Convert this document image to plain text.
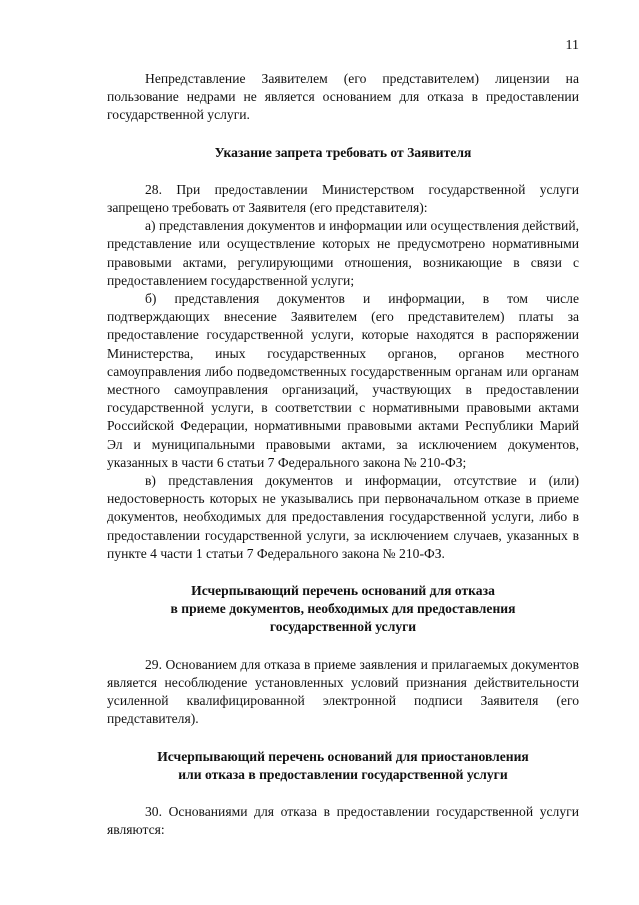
11

Непредставление Заявителем (его представителем) лицензии на пользование недрами не является основанием для отказа в предоставлении государственной услуги.

Указание запрета требовать от Заявителя

28. При предоставлении Министерством государственной услуги запрещено требовать от Заявителя (его представителя):

а) представления документов и информации или осуществления действий, представление или осуществление которых не предусмотрено нормативными правовыми актами, регулирующими отношения, возникающие в связи с предоставлением государственной услуги;

б) представления документов и информации, в том числе подтверждающих внесение Заявителем (его представителем) платы за предоставление государственной услуги, которые находятся в распоряжении Министерства, иных государственных органов, органов местного самоуправления либо подведомственных государственным органам или органам местного самоуправления организаций, участвующих в предоставлении государственной услуги, в соответствии с нормативными правовыми актами Российской Федерации, нормативными правовыми актами Республики Марий Эл и муниципальными правовыми актами, за исключением документов, указанных в части 6 статьи 7 Федерального закона № 210-ФЗ;

в) представления документов и информации, отсутствие и (или) недостоверность которых не указывались при первоначальном отказе в приеме документов, необходимых для предоставления государственной услуги, либо в предоставлении государственной услуги, за исключением случаев, указанных в пункте 4 части 1 статьи 7 Федерального закона № 210-ФЗ.

Исчерпывающий перечень оснований для отказа
в приеме документов, необходимых для предоставления
государственной услуги

29. Основанием для отказа в приеме заявления и прилагаемых документов является несоблюдение установленных условий признания действительности усиленной квалифицированной электронной подписи Заявителя (его представителя).

Исчерпывающий перечень оснований для приостановления
или отказа в предоставлении государственной услуги

30. Основаниями для отказа в предоставлении государственной услуги являются:
